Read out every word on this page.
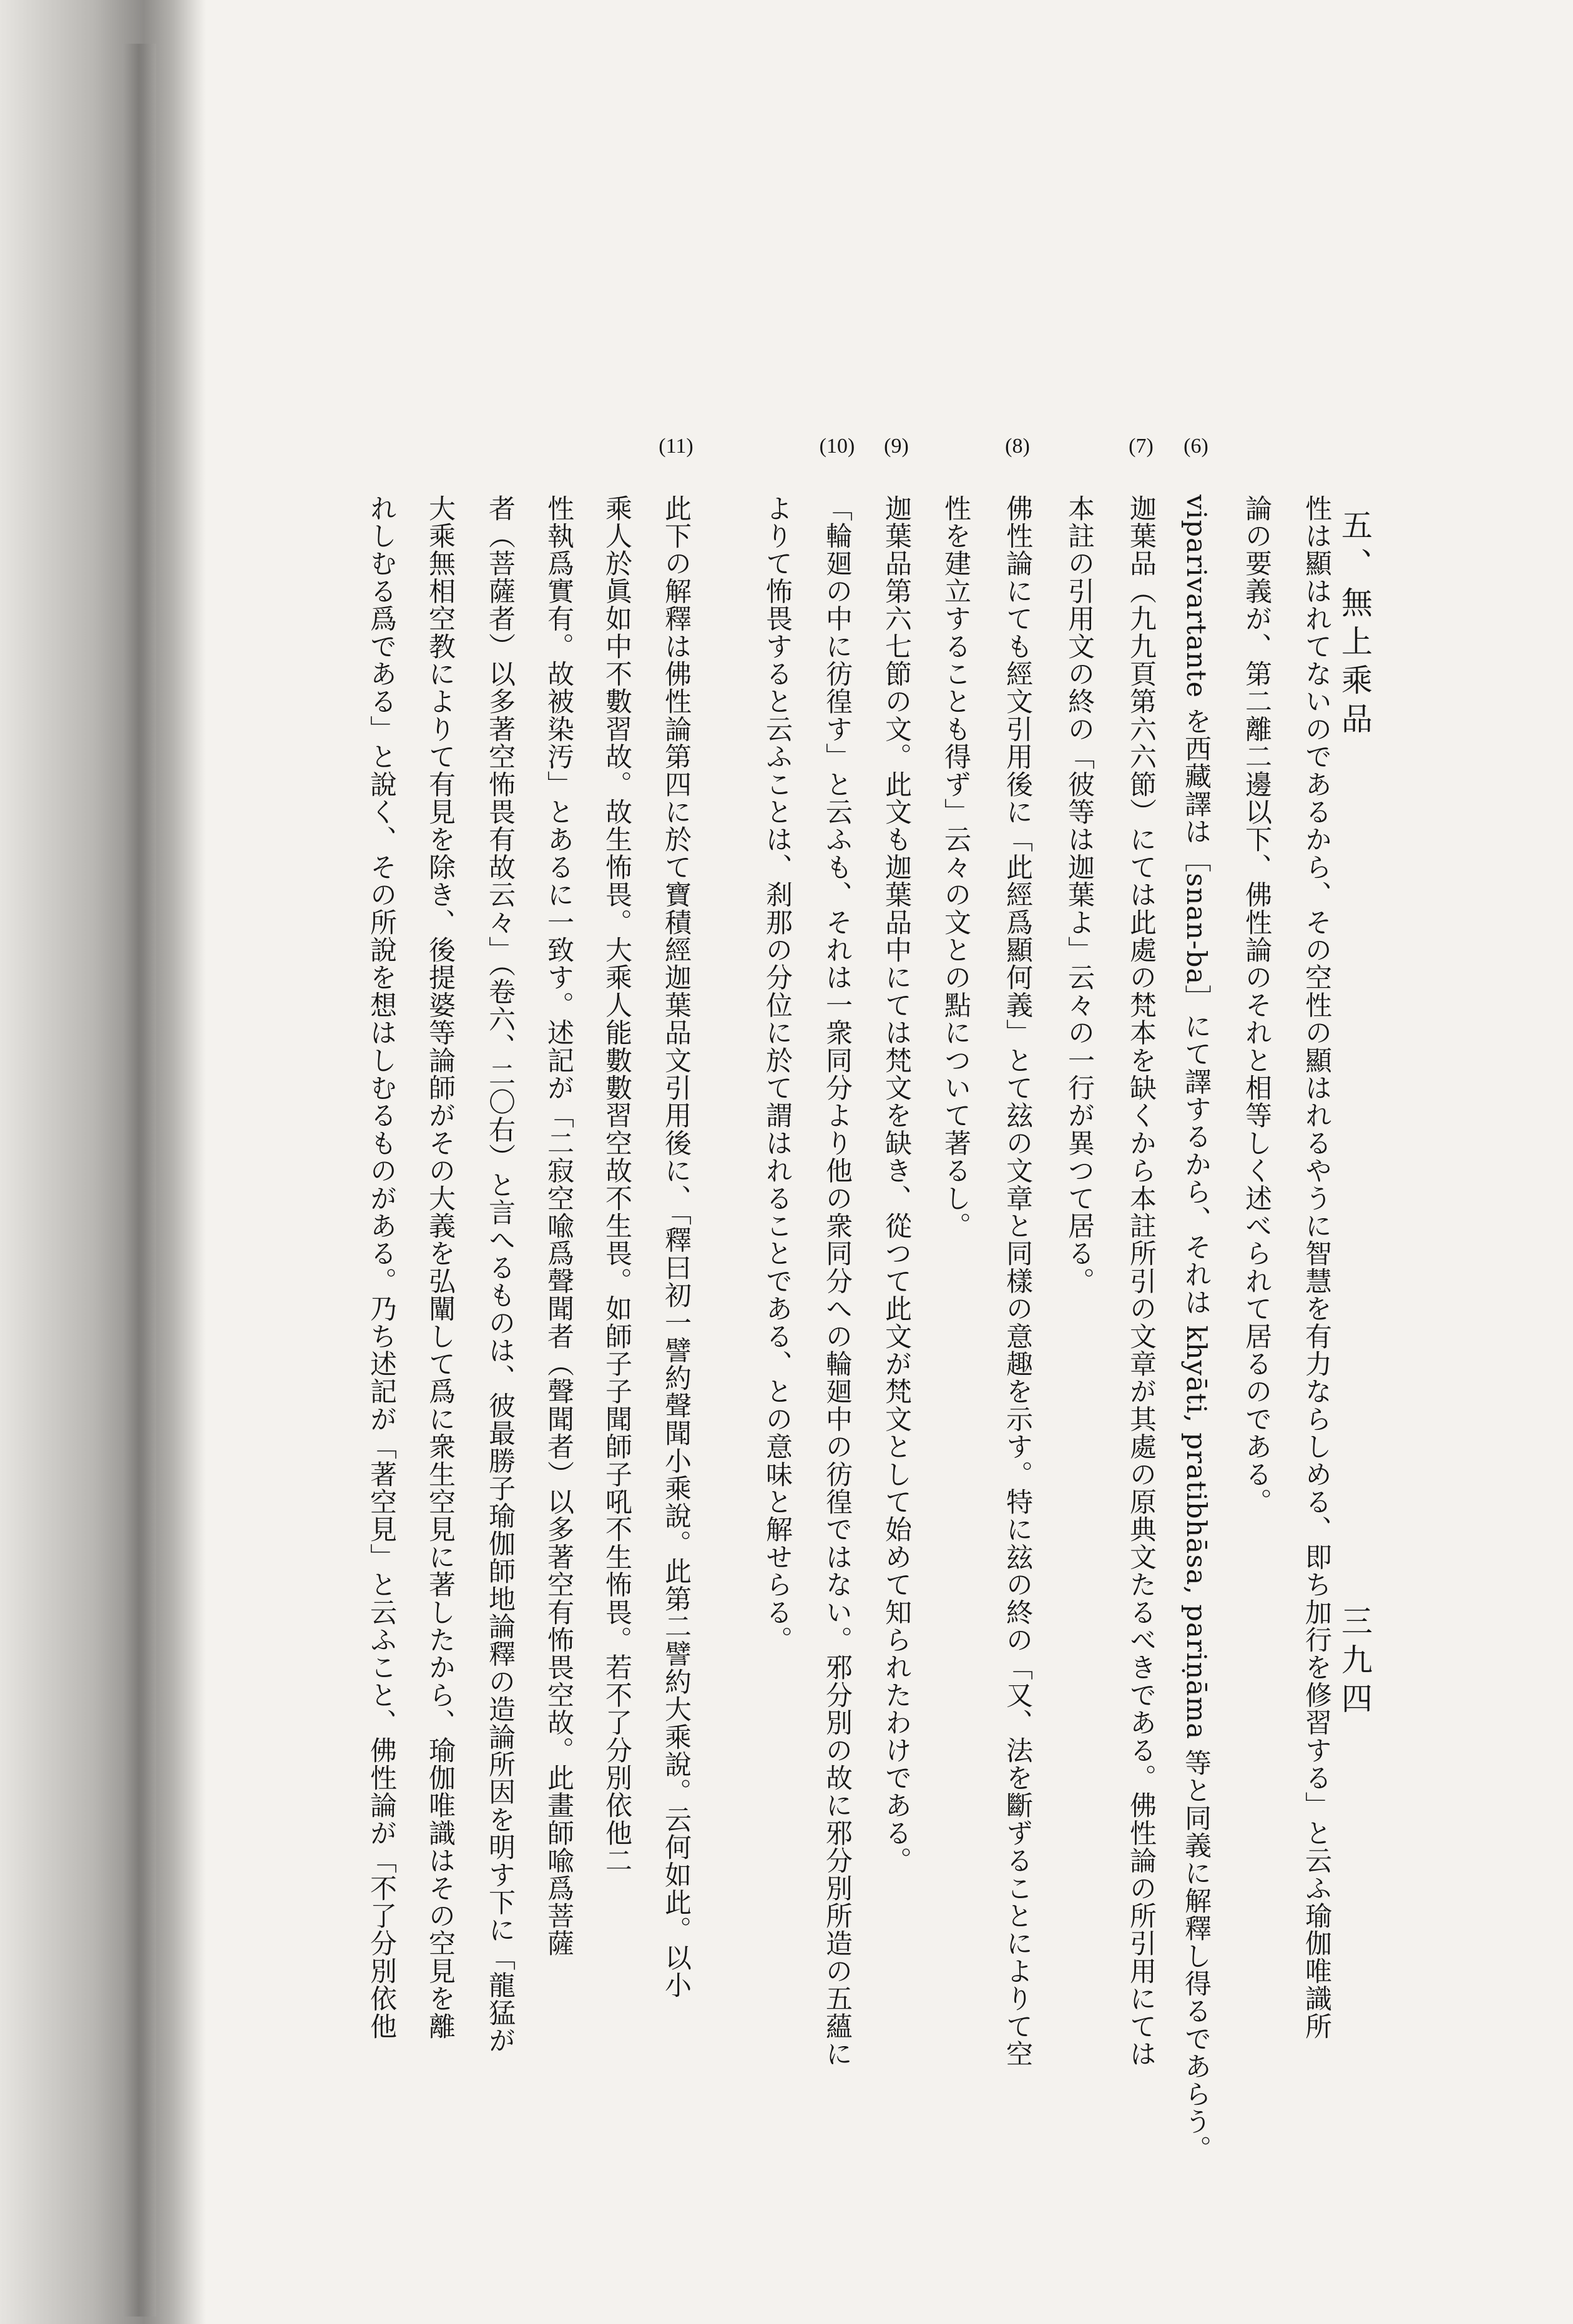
五、無上乘品
三九四
(6)
(7)
(8)
(9)
(10)
(11)
性は顯はれてないのであるから、その空性の顯はれるやうに智慧を有力ならしめる、即ち加行を修習する」と云ふ瑜伽唯識所
論の要義が、第二離二邊以下、佛性論のそれと相等しく述べられて居るのである。
viparivartante を西藏譯は［snan-ba］にて譯するから、それは khyāti, pratibhāsa, pariṇāma 等と同義に解釋し得るであらう。
迦葉品（九九頁第六六節）にては此處の梵本を缺くから本註所引の文章が其處の原典文たるべきである。佛性論の所引用にては
本註の引用文の終の「彼等は迦葉よ」云々の一行が異つて居る。
佛性論にても經文引用後に「此經爲顯何義」とて玆の文章と同樣の意趣を示す。特に玆の終の「又、法を斷ずることによりて空
性を建立することも得ず」云々の文との點について著るし。
迦葉品第六七節の文。此文も迦葉品中にては梵文を缺き、從つて此文が梵文として始めて知られたわけである。
「輪廻の中に彷徨す」と云ふも、それは一衆同分より他の衆同分への輪廻中の彷徨ではない。邪分別の故に邪分別所造の五蘊に
よりて怖畏すると云ふことは、刹那の分位に於て謂はれることである、との意味と解せらる。
此下の解釋は佛性論第四に於て寶積經迦葉品文引用後に、「釋曰初一譬約聲聞小乘說。此第二譬約大乘說。云何如此。以小
乘人於眞如中不數習故。故生怖畏。大乘人能數數習空故不生畏。如師子子聞師子吼不生怖畏。若不了分別依他二
性執爲實有。故被染汚」とあるに一致す。述記が「二寂空喩爲聲聞者（聲聞者）以多著空有怖畏空故。此畫師喩爲菩薩
者（菩薩者）以多著空怖畏有故云々」（卷六、二〇右）と言へるものは、彼最勝子瑜伽師地論釋の造論所因を明す下に「龍猛が
大乘無相空教によりて有見を除き、後提婆等論師がその大義を弘闡して爲に衆生空見に著したから、瑜伽唯識はその空見を離
れしむる爲である」と說く、その所說を想はしむるものがある。乃ち述記が「著空見」と云ふこと、佛性論が「不了分別依他
